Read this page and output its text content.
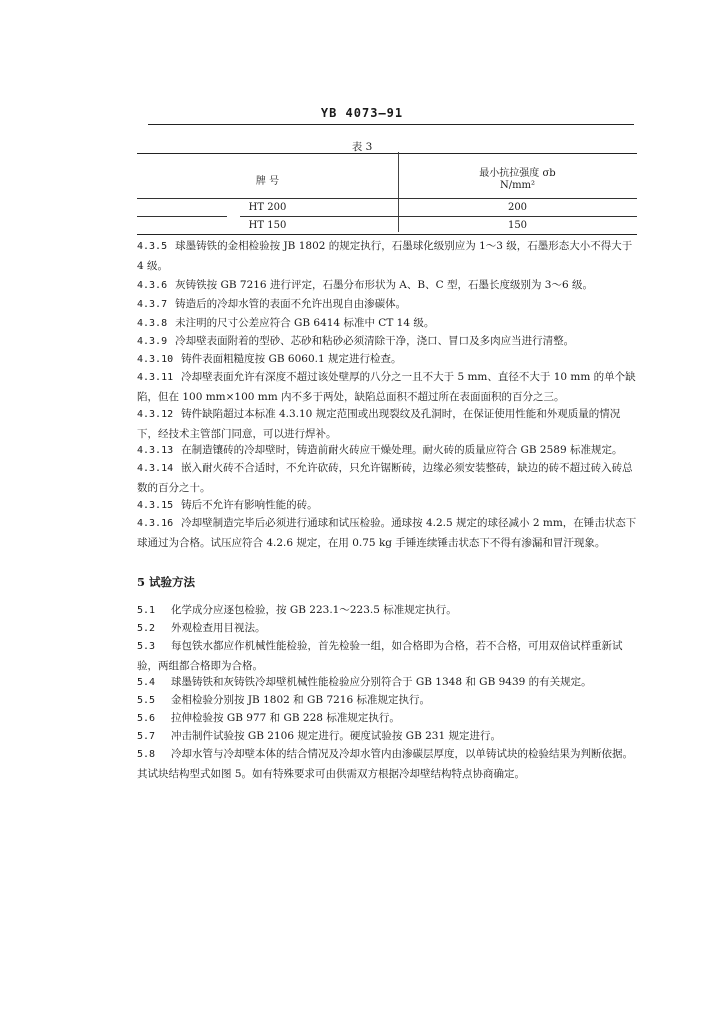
YB 4073—91
表 3
牌 号
最小抗拉强度 σb
N/mm²
HT 200	200
HT 150	150
4.3.5 球墨铸铁的金相检验按 JB 1802 的规定执行，石墨球化级别应为 1～3 级，石墨形态大小不得大于 4 级。
4.3.6 灰铸铁按 GB 7216 进行评定，石墨分布形状为 A、B、C 型，石墨长度级别为 3～6 级。
4.3.7 铸造后的冷却水管的表面不允许出现自由渗碳体。
4.3.8 未注明的尺寸公差应符合 GB 6414 标准中 CT 14 级。
4.3.9 冷却壁表面附着的型砂、芯砂和粘砂必须清除干净，浇口、冒口及多肉应当进行清整。
4.3.10 铸件表面粗糙度按 GB 6060.1 规定进行检查。
4.3.11 冷却壁表面允许有深度不超过该处壁厚的八分之一且不大于 5 mm、直径不大于 10 mm 的单个缺陷，但在 100 mm×100 mm 内不多于两处，缺陷总面积不超过所在表面面积的百分之三。
4.3.12 铸件缺陷超过本标准 4.3.10 规定范围或出现裂纹及孔洞时，在保证使用性能和外观质量的情况下，经技术主管部门同意，可以进行焊补。
4.3.13 在制造镶砖的冷却壁时，铸造前耐火砖应干燥处理。耐火砖的质量应符合 GB 2589 标准规定。
4.3.14 嵌入耐火砖不合适时，不允许砍砖，只允许锯断砖，边缘必须安装整砖，缺边的砖不超过砖入砖总数的百分之十。
4.3.15 铸后不允许有影响性能的砖。
4.3.16 冷却壁制造完毕后必须进行通球和试压检验。通球按 4.2.5 规定的球径减小 2 mm，在锤击状态下球通过为合格。试压应符合 4.2.6 规定，在用 0.75 kg 手锤连续锤击状态下不得有渗漏和冒汗现象。
5 试验方法
5.1 化学成分应逐包检验，按 GB 223.1～223.5 标准规定执行。
5.2 外观检查用目视法。
5.3 每包铁水都应作机械性能检验，首先检验一组，如合格即为合格，若不合格，可用双倍试样重新试验，两组都合格即为合格。
5.4 球墨铸铁和灰铸铁冷却壁机械性能检验应分别符合于 GB 1348 和 GB 9439 的有关规定。
5.5 金相检验分别按 JB 1802 和 GB 7216 标准规定执行。
5.6 拉伸检验按 GB 977 和 GB 228 标准规定执行。
5.7 冲击制件试验按 GB 2106 规定进行。硬度试验按 GB 231 规定进行。
5.8 冷却水管与冷却壁本体的结合情况及冷却水管内由渗碳层厚度，以单铸试块的检验结果为判断依据。其试块结构型式如图 5。如有特殊要求可由供需双方根据冷却壁结构特点协商确定。
